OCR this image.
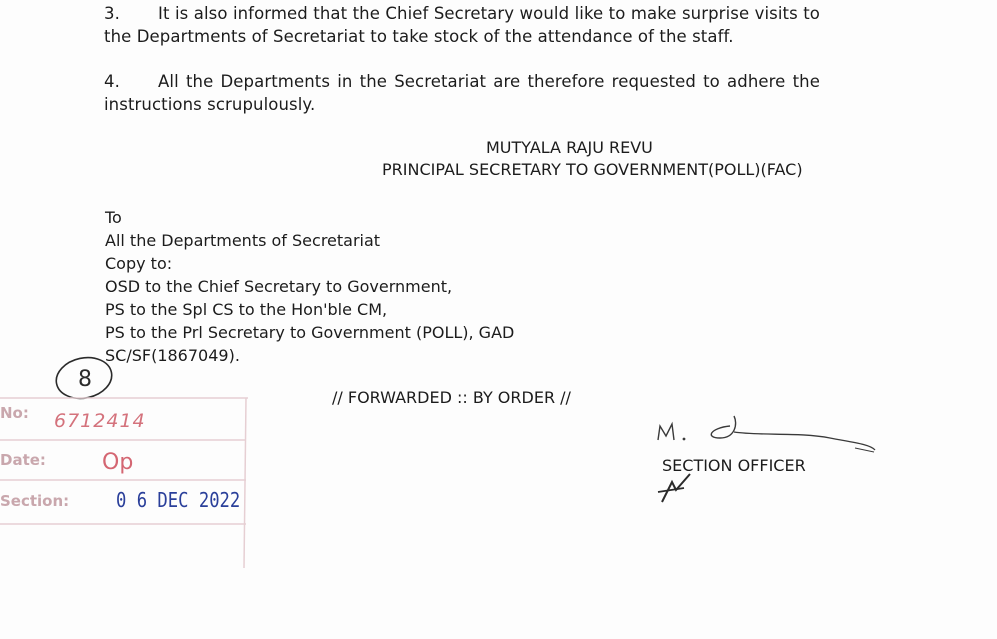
3. It is also informed that the Chief Secretary would like to make surprise visits to the Departments of Secretariat to take stock of the attendance of the staff.
4. All the Departments in the Secretariat are therefore requested to adhere the instructions scrupulously.
MUTYALA RAJU REVU
PRINCIPAL SECRETARY TO GOVERNMENT(POLL)(FAC)
To
All the Departments of Secretariat
Copy to:
OSD to the Chief Secretary to Government,
PS to the Spl CS to the Hon'ble CM,
PS to the Prl Secretary to Government (POLL), GAD
SC/SF(1867049).
8
No:
Date:
Section:
6712414
Op
0 6 DEC 2022
// FORWARDED :: BY ORDER //
SECTION OFFICER
